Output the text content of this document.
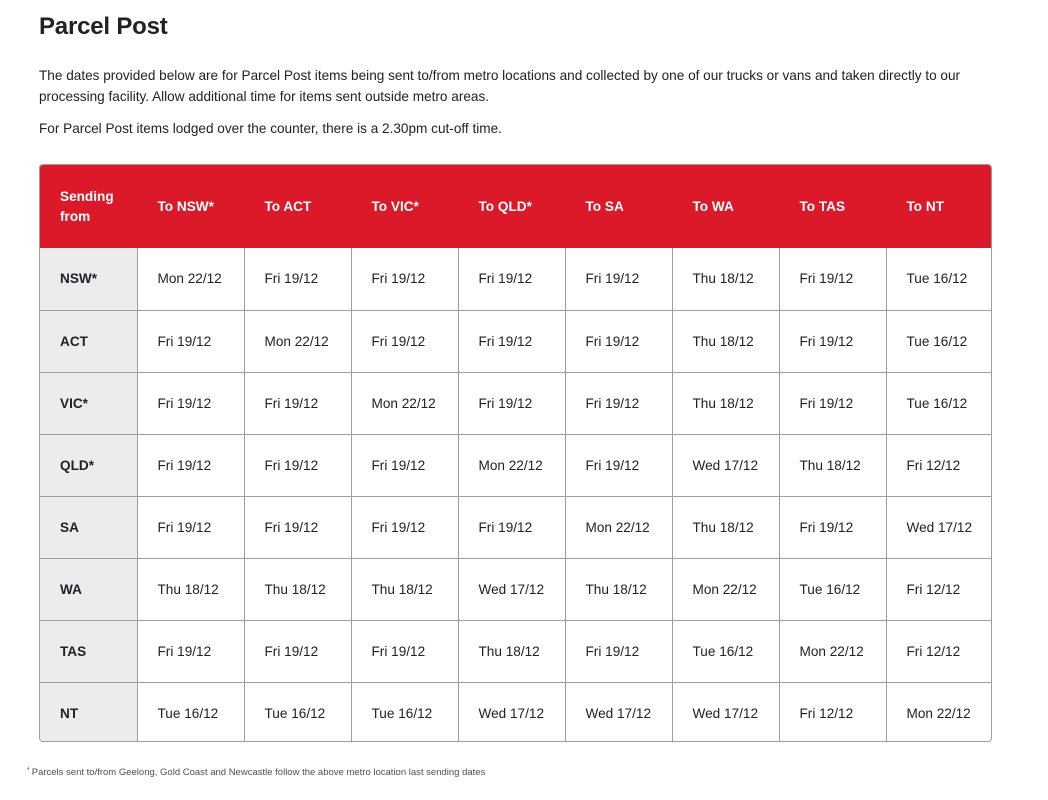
Parcel Post

The dates provided below are for Parcel Post items being sent to/from metro locations and collected by one of our trucks or vans and taken directly to our processing facility. Allow additional time for items sent outside metro areas.

For Parcel Post items lodged over the counter, there is a 2.30pm cut-off time.

Sending from	To NSW*	To ACT	To VIC*	To QLD*	To SA	To WA	To TAS	To NT
NSW*	Mon 22/12	Fri 19/12	Fri 19/12	Fri 19/12	Fri 19/12	Thu 18/12	Fri 19/12	Tue 16/12
ACT	Fri 19/12	Mon 22/12	Fri 19/12	Fri 19/12	Fri 19/12	Thu 18/12	Fri 19/12	Tue 16/12
VIC*	Fri 19/12	Fri 19/12	Mon 22/12	Fri 19/12	Fri 19/12	Thu 18/12	Fri 19/12	Tue 16/12
QLD*	Fri 19/12	Fri 19/12	Fri 19/12	Mon 22/12	Fri 19/12	Wed 17/12	Thu 18/12	Fri 12/12
SA	Fri 19/12	Fri 19/12	Fri 19/12	Fri 19/12	Mon 22/12	Thu 18/12	Fri 19/12	Wed 17/12
WA	Thu 18/12	Thu 18/12	Thu 18/12	Wed 17/12	Thu 18/12	Mon 22/12	Tue 16/12	Fri 12/12
TAS	Fri 19/12	Fri 19/12	Fri 19/12	Thu 18/12	Fri 19/12	Tue 16/12	Mon 22/12	Fri 12/12
NT	Tue 16/12	Tue 16/12	Tue 16/12	Wed 17/12	Wed 17/12	Wed 17/12	Fri 12/12	Mon 22/12

* Parcels sent to/from Geelong, Gold Coast and Newcastle follow the above metro location last sending dates
